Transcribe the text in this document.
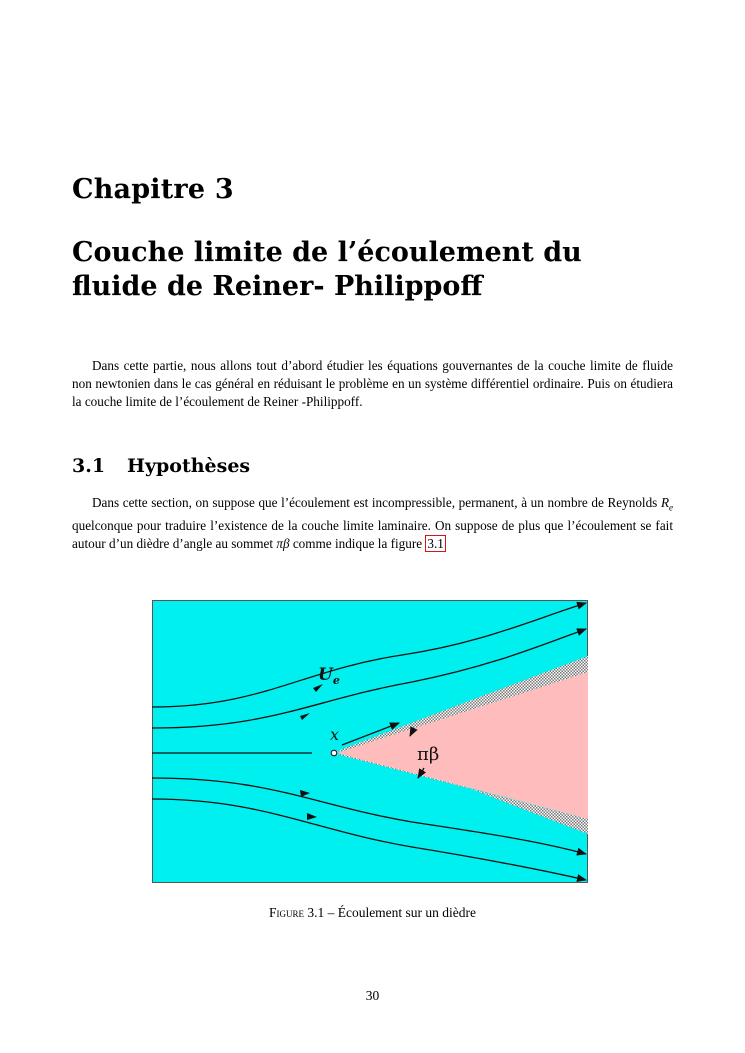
Chapitre 3
Couche limite de l’écoulement du fluide de Reiner- Philippoff

Dans cette partie, nous allons tout d’abord étudier les équations gouvernantes de la couche limite de fluide non newtonien dans le cas général en réduisant le problème en un système différentiel ordinaire. Puis on étudiera la couche limite de l’écoulement de Reiner -Philippoff.

3.1 Hypothèses

Dans cette section, on suppose que l’écoulement est incompressible, permanent, à un nombre de Reynolds $R_e$ quelconque pour traduire l’existence de la couche limite laminaire. On suppose de plus que l’écoulement se fait autour d’un dièdre d’angle au sommet πβ comme indique la figure 3.1

$U_e$
x
πβ
Figure 3.1 – Écoulement sur un dièdre
30
